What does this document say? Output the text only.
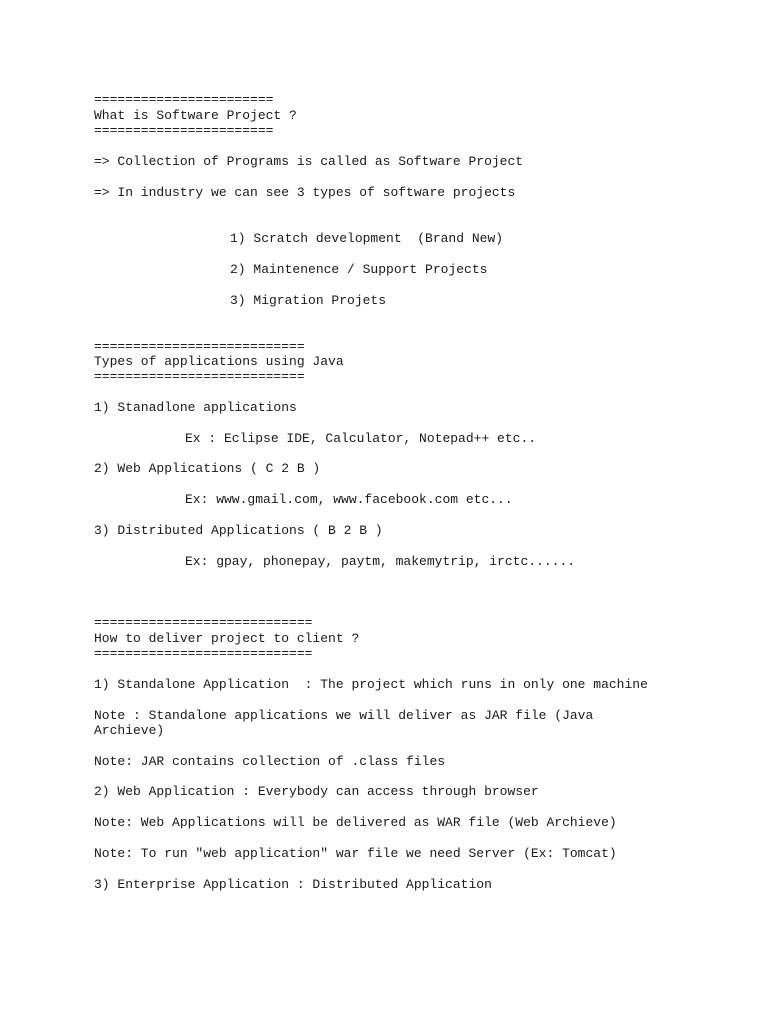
=======================
What is Software Project ?
=======================
=> Collection of Programs is called as Software Project
=> In industry we can see 3 types of software projects
1) Scratch development  (Brand New)
2) Maintenence / Support Projects
3) Migration Projets
===========================
Types of applications using Java
===========================
1) Stanadlone applications
Ex : Eclipse IDE, Calculator, Notepad++ etc..
2) Web Applications ( C 2 B )
Ex: www.gmail.com, www.facebook.com etc...
3) Distributed Applications ( B 2 B )
Ex: gpay, phonepay, paytm, makemytrip, irctc......
============================
How to deliver project to client ?
============================
1) Standalone Application  : The project which runs in only one machine
Note : Standalone applications we will deliver as JAR file (Java Archieve)
Note: JAR contains collection of .class files
2) Web Application : Everybody can access through browser
Note: Web Applications will be delivered as WAR file (Web Archieve)
Note: To run "web application" war file we need Server (Ex: Tomcat)
3) Enterprise Application : Distributed Application
